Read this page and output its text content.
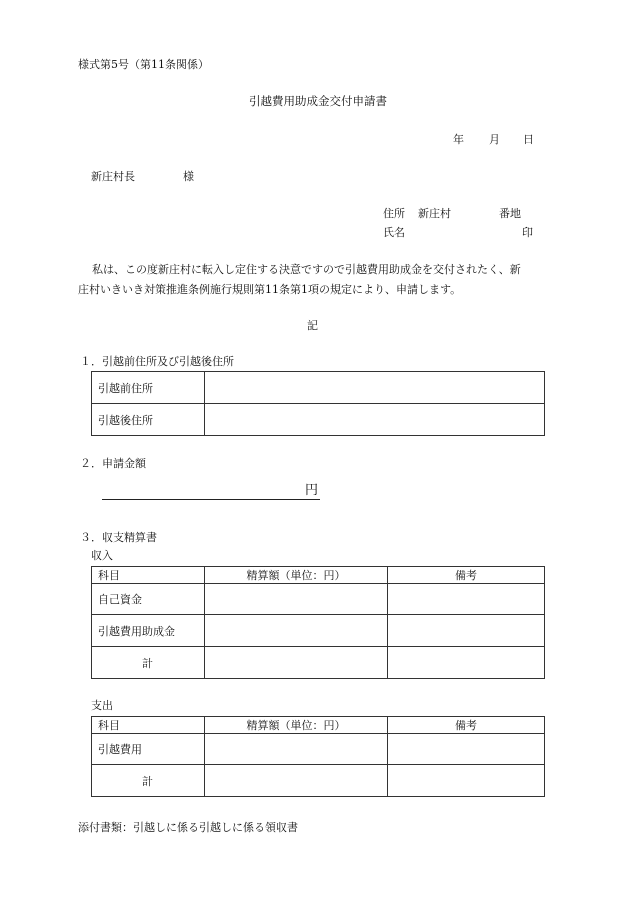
様式第5号（第11条関係）
引越費用助成金交付申請書
年 月 日
新庄村長	様
住所 新庄村	番地
氏名	印
私は、この度新庄村に転入し定住する決意ですので引越費用助成金を交付されたく、新
庄村いきいき対策推進条例施行規則第11条第1項の規定により、申請します。
記
１．引越前住所及び引越後住所
引越前住所	
引越後住所	
２．申請金額
円
３．収支精算書
収入
科目	精算額（単位：円）	備考
自己資金		
引越費用助成金		
計		
支出
科目	精算額（単位：円）	備考
引越費用		
計		
添付書類：引越しに係る引越しに係る領収書
